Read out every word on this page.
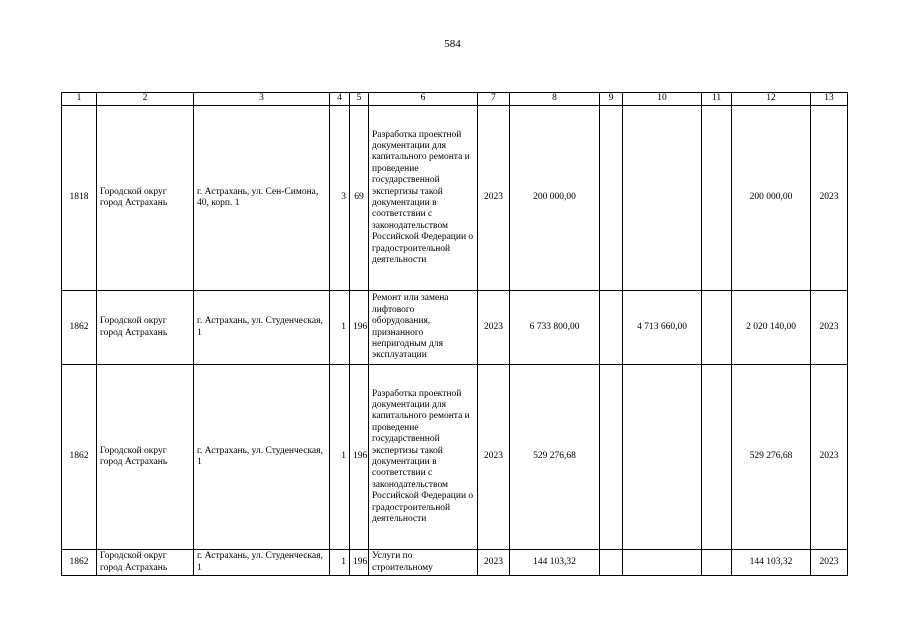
584
1	2	3	4	5	6	7	8	9	10	11	12	13
1818	Городской округ город Астрахань	г. Астрахань, ул. Сен-Симона, 40, корп. 1	3	69	Разработка проектной документации для капитального ремонта и проведение государственной экспертизы такой документации в соответствии с законодательством Российской Федерации о градостроительной деятельности	2023	200 000,00				200 000,00	2023
1862	Городской округ город Астрахань	г. Астрахань, ул. Студенческая, 1	1	196	Ремонт или замена лифтового оборудования, признанного непригодным для эксплуатации	2023	6 733 800,00		4 713 660,00		2 020 140,00	2023
1862	Городской округ город Астрахань	г. Астрахань, ул. Студенческая, 1	1	196	Разработка проектной документации для капитального ремонта и проведение государственной экспертизы такой документации в соответствии с законодательством Российской Федерации о градостроительной деятельности	2023	529 276,68				529 276,68	2023
1862	Городской округ город Астрахань	г. Астрахань, ул. Студенческая, 1	1	196	Услуги по строительному	2023	144 103,32				144 103,32	2023
